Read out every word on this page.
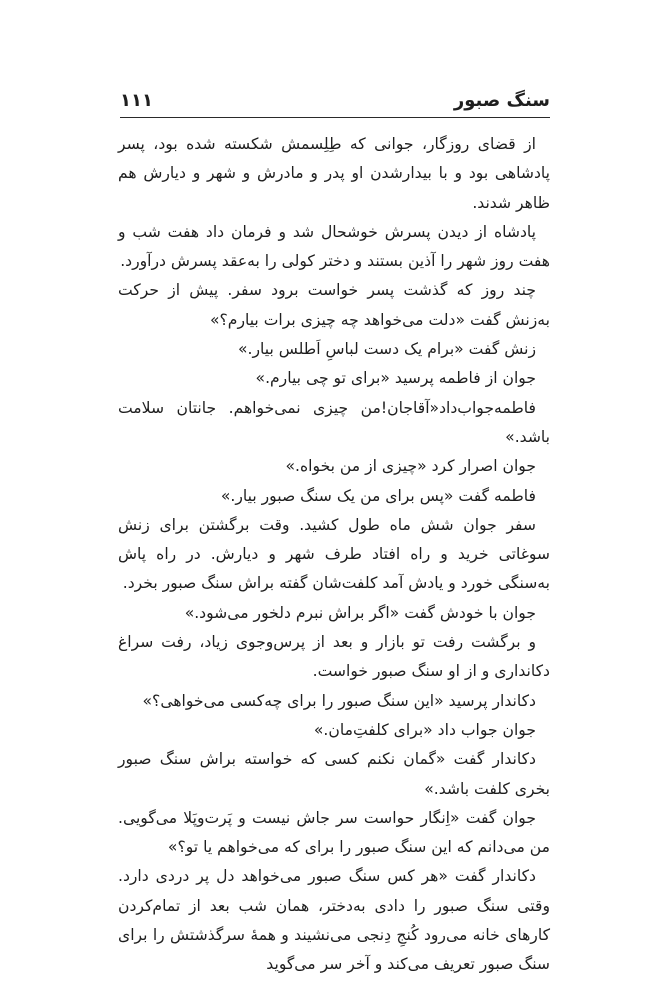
۱۱۱	سنگ صبور

از قضای روزگار، جوانی که طِلِسمش شکسته شده بود، پسر پادشاهی بود و با بیدارشدن او پدر و مادرش و شهر و دیارش هم ظاهر شدند.

پادشاه از دیدن پسرش خوشحال شد و فرمان داد هفت شب و هفت روز شهر را آذین بستند و دختر کولی را به‌عقد پسرش درآورد.

چند روز که گذشت پسر خواست برود سفر. پیش از حرکت به‌زنش گفت «دلت می‌خواهد چه چیزی برات بیارم؟»

زنش گفت «برام یک دست لباسِ اَطلس بیار.»

جوان از فاطمه پرسید «برای تو چی بیارم.»

فاطمه‌جواب‌داد«آقاجان!من چیزی نمی‌خواهم. جانتان سلامت باشد.»

جوان اصرار کرد «چیزی از من بخواه.»

فاطمه گفت «پس برای من یک سنگ صبور بیار.»

سفر جوان شش ماه طول کشید. وقت برگشتن برای زنش سوغاتی خرید و راه افتاد طرف شهر و دیارش. در راه پاش به‌سنگی خورد و یادش آمد کلفت‌شان گفته براش سنگ صبور بخرد.

جوان با خودش گفت «اگر براش نبرم دلخور می‌شود.»

و برگشت رفت تو بازار و بعد از پرس‌وجوی زیاد، رفت سراغ دکانداری و از او سنگ صبور خواست.

دکاندار پرسید «این سنگ صبور را برای چه‌کسی می‌خواهی؟»

جوان جواب داد «برای کلفتِ‌مان.»

دکاندار گفت «گمان نکنم کسی که خواسته براش سنگ صبور بخری کلفت باشد.»

جوان گفت «اِنگار حواست سر جاش نیست و پَرت‌وپَلا می‌گویی. من می‌دانم که این سنگ صبور را برای که می‌خواهم یا تو؟»

دکاندار گفت «هر کس سنگ صبور می‌خواهد دل پر دردی دارد. وقتی سنگ صبور را دادی به‌دختر، همان شب بعد از تمام‌کردن کارهای خانه می‌رود کُنجِ دِنجی می‌نشیند و همهٔ سرگذشتش را برای سنگ صبور تعریف می‌کند و آخر سر می‌گوید
